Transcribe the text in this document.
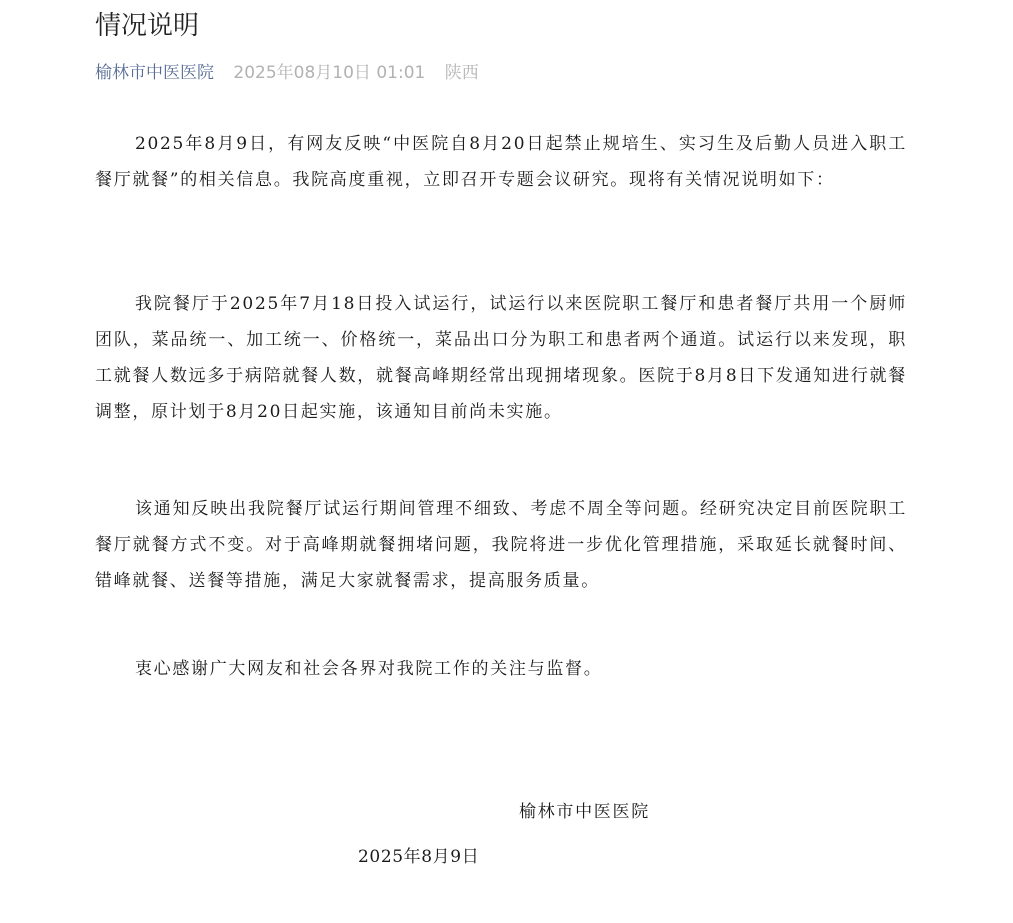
情况说明
榆林市中医医院 2025年08月10日 01:01 陕西

2025年8月9日，有网友反映“中医院自8月20日起禁止规培生、实习生及后勤人员进入职工餐厅就餐”的相关信息。我院高度重视，立即召开专题会议研究。现将有关情况说明如下：

我院餐厅于2025年7月18日投入试运行，试运行以来医院职工餐厅和患者餐厅共用一个厨师团队，菜品统一、加工统一、价格统一，菜品出口分为职工和患者两个通道。试运行以来发现，职工就餐人数远多于病陪就餐人数，就餐高峰期经常出现拥堵现象。医院于8月8日下发通知进行就餐调整，原计划于8月20日起实施，该通知目前尚未实施。

该通知反映出我院餐厅试运行期间管理不细致、考虑不周全等问题。经研究决定目前医院职工餐厅就餐方式不变。对于高峰期就餐拥堵问题，我院将进一步优化管理措施，采取延长就餐时间、错峰就餐、送餐等措施，满足大家就餐需求，提高服务质量。

衷心感谢广大网友和社会各界对我院工作的关注与监督。

榆林市中医医院
2025年8月9日
